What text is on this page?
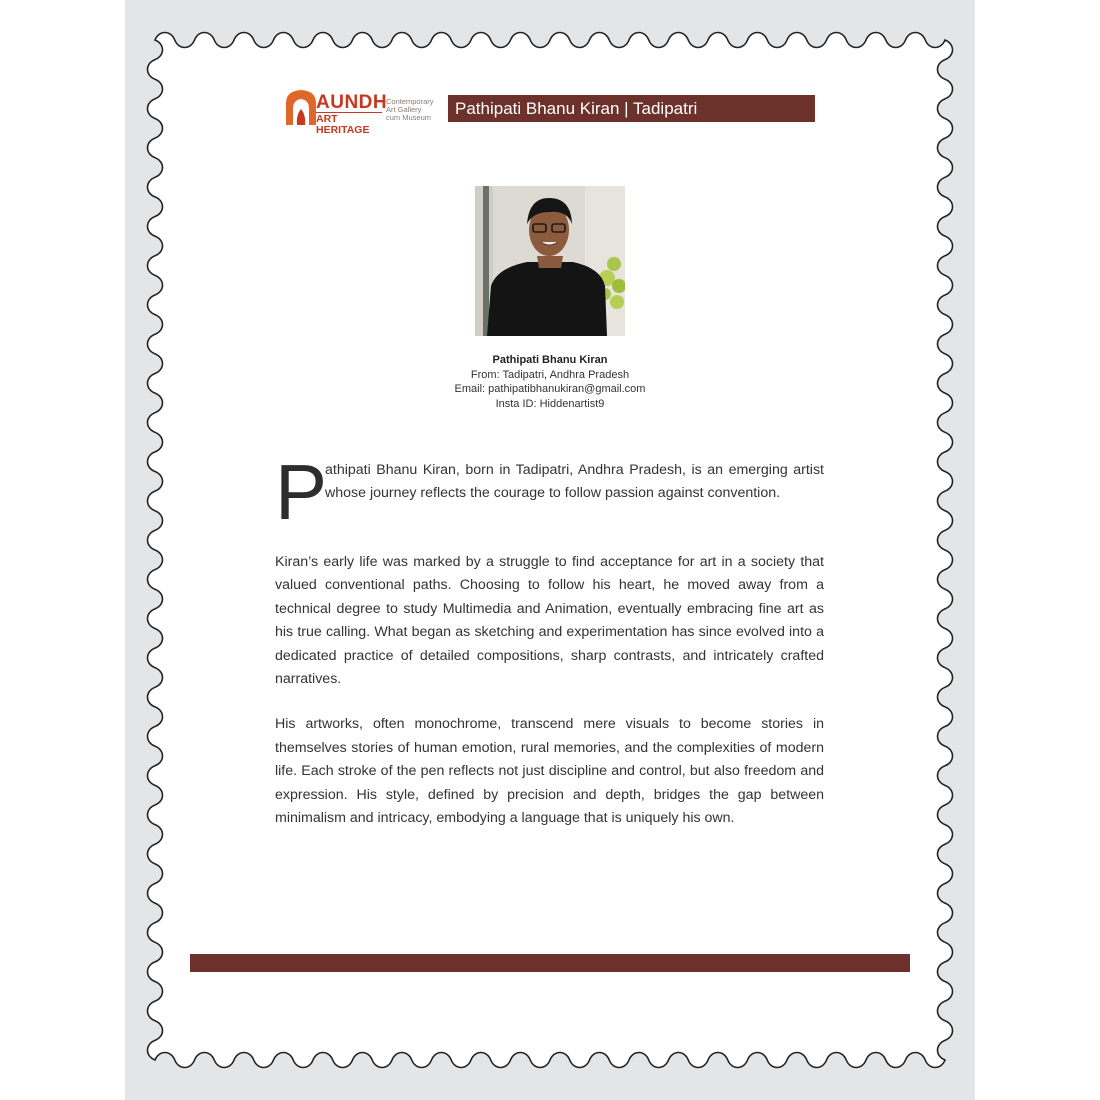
AUNDH
ART HERITAGE
Contemporary
Art Gallery
cum Museum	Pathipati Bhanu Kiran | Tadipatri
Pathipati Bhanu Kiran
From: Tadipatri, Andhra Pradesh
Email: pathipatibhanukiran@gmail.com
Insta ID: Hiddenartist9
P
athipati Bhanu Kiran, born in Tadipatri, Andhra Pradesh, is an emerging artist whose journey reflects the courage to follow passion against convention.
Kiran’s early life was marked by a struggle to find acceptance for art in a society that valued conventional paths. Choosing to follow his heart, he moved away from a technical degree to study Multimedia and Animation, eventually embracing fine art as his true calling. What began as sketching and experimentation has since evolved into a dedicated practice of detailed compositions, sharp contrasts, and intricately crafted narratives.
His artworks, often monochrome, transcend mere visuals to become stories in themselves stories of human emotion, rural memories, and the complexities of modern life. Each stroke of the pen reflects not just discipline and control, but also freedom and expression. His style, defined by precision and depth, bridges the gap between minimalism and intricacy, embodying a language that is uniquely his own.
